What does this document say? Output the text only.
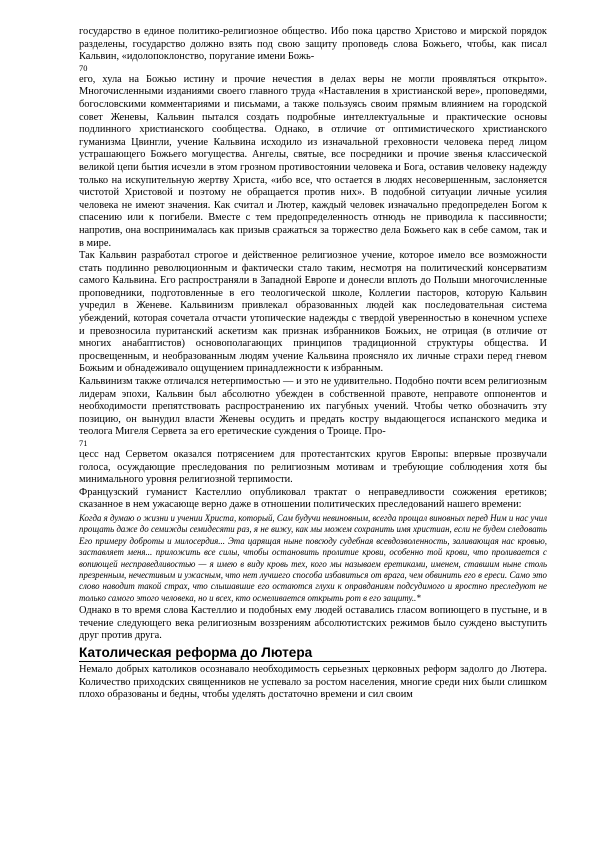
государство в единое политико-религиозное общество. Ибо пока царство Христово и мирской порядок разделены, государство должно взять под свою защиту проповедь слова Божьего, чтобы, как писал Кальвин, «идолопоклонство, поругание имени Божь-

70

его, хула на Божью истину и прочие нечестия в делах веры не могли проявляться открыто». Многочисленными изданиями своего главного труда «Наставления в христианской вере», проповедями, богословскими комментариями и письмами, а также пользуясь своим прямым влиянием на городской совет Женевы, Кальвин пытался создать подробные интеллектуальные и практические основы подлинного христианского сообщества. Однако, в отличие от оптимистического христианского гуманизма Цвингли, учение Кальвина исходило из изначальной греховности человека перед лицом устрашающего Божьего могущества. Ангелы, святые, все посредники и прочие звенья классической великой цепи бытия исчезли в этом грозном противостоянии человека и Бога, оставив человеку надежду только на искупительную жертву Христа, «ибо все, что остается в людях несовершенным, заслоняется чистотой Христовой и поэтому не обращается против них». В подобной ситуации личные усилия человека не имеют значения. Как считал и Лютер, каждый человек изначально предопределен Богом к спасению или к погибели. Вместе с тем предопределенность отнюдь не приводила к пассивности; напротив, она воспринималась как призыв сражаться за торжество дела Божьего как в себе самом, так и в мире.

Так Кальвин разработал строгое и действенное религиозное учение, которое имело все возможности стать подлинно революционным и фактически стало таким, несмотря на политический консерватизм самого Кальвина. Его распространяли в Западной Европе и донесли вплоть до Польши многочисленные проповедники, подготовленные в его теологической школе, Коллегии пасторов, которую Кальвин учредил в Женеве. Кальвинизм привлекал образованных людей как последовательная система убеждений, которая сочетала отчасти утопические надежды с твердой уверенностью в конечном успехе и превозносила пуританский аскетизм как признак избранников Божьих, не отрицая (в отличие от многих анабаптистов) основополагающих принципов традиционной структуры общества. И просвещенным, и необразованным людям учение Кальвина проясняло их личные страхи перед гневом Божьим и обнадеживало ощущением принадлежности к избранным.

Кальвинизм также отличался нетерпимостью — и это не удивительно. Подобно почти всем религиозным лидерам эпохи, Кальвин был абсолютно убежден в собственной правоте, неправоте оппонентов и необходимости препятствовать распространению их пагубных учений. Чтобы четко обозначить эту позицию, он вынудил власти Женевы осудить и предать костру выдающегося испанского медика и теолога Мигеля Сервета за его еретические суждения о Троице. Про-

71

цесс над Серветом оказался потрясением для протестантских кругов Европы: впервые прозвучали голоса, осуждающие преследования по религиозным мотивам и требующие соблюдения хотя бы минимального уровня религиозной терпимости.

Французский гуманист Кастеллио опубликовал трактат о неправедливости сожжения еретиков; сказанное в нем ужасающе верно даже в отношении политических преследований нашего времени:

Когда я думаю о жизни и учении Христа, который, Сам будучи невиновным, всегда прощал виновных перед Ним и нас учил прощать даже до семижды семидесяти раз, я не вижу, как мы можем сохранить имя христиан, если не будем следовать Его примеру доброты и милосердия... Эта царящая ныне повсюду судебная всевдозволенность, заливающая нас кровью, заставляет меня... приложить все силы, чтобы остановить пролитие крови, особенно той крови, что проливается с вопиющей несправедливостью — я имею в виду кровь тех, кого мы называем еретиками, именем, ставшим ныне столь презренным, нечестивым и ужасным, что нет лучшего способа избавиться от врага, чем обвинить его в ереси. Само это слово наводит такой страх, что слышавшие его остаются глухи к оправданиям подсудимого и яростно преследуют не только самого этого человека, но и всех, кто осмеливается открыть рот в его защиту..*

Однако в то время слова Кастеллио и подобных ему людей оставались гласом вопиющего в пустыне, и в течение следующего века религиозным воззрениям абсолютистских режимов было суждено выступить друг против друга.

Католическая реформа до Лютера

Немало добрых католиков осознавало необходимость серьезных церковных реформ задолго до Лютера. Количество приходских священников не успевало за ростом населения, многие среди них были слишком плохо образованы и бедны, чтобы уделять достаточно времени и сил своим
